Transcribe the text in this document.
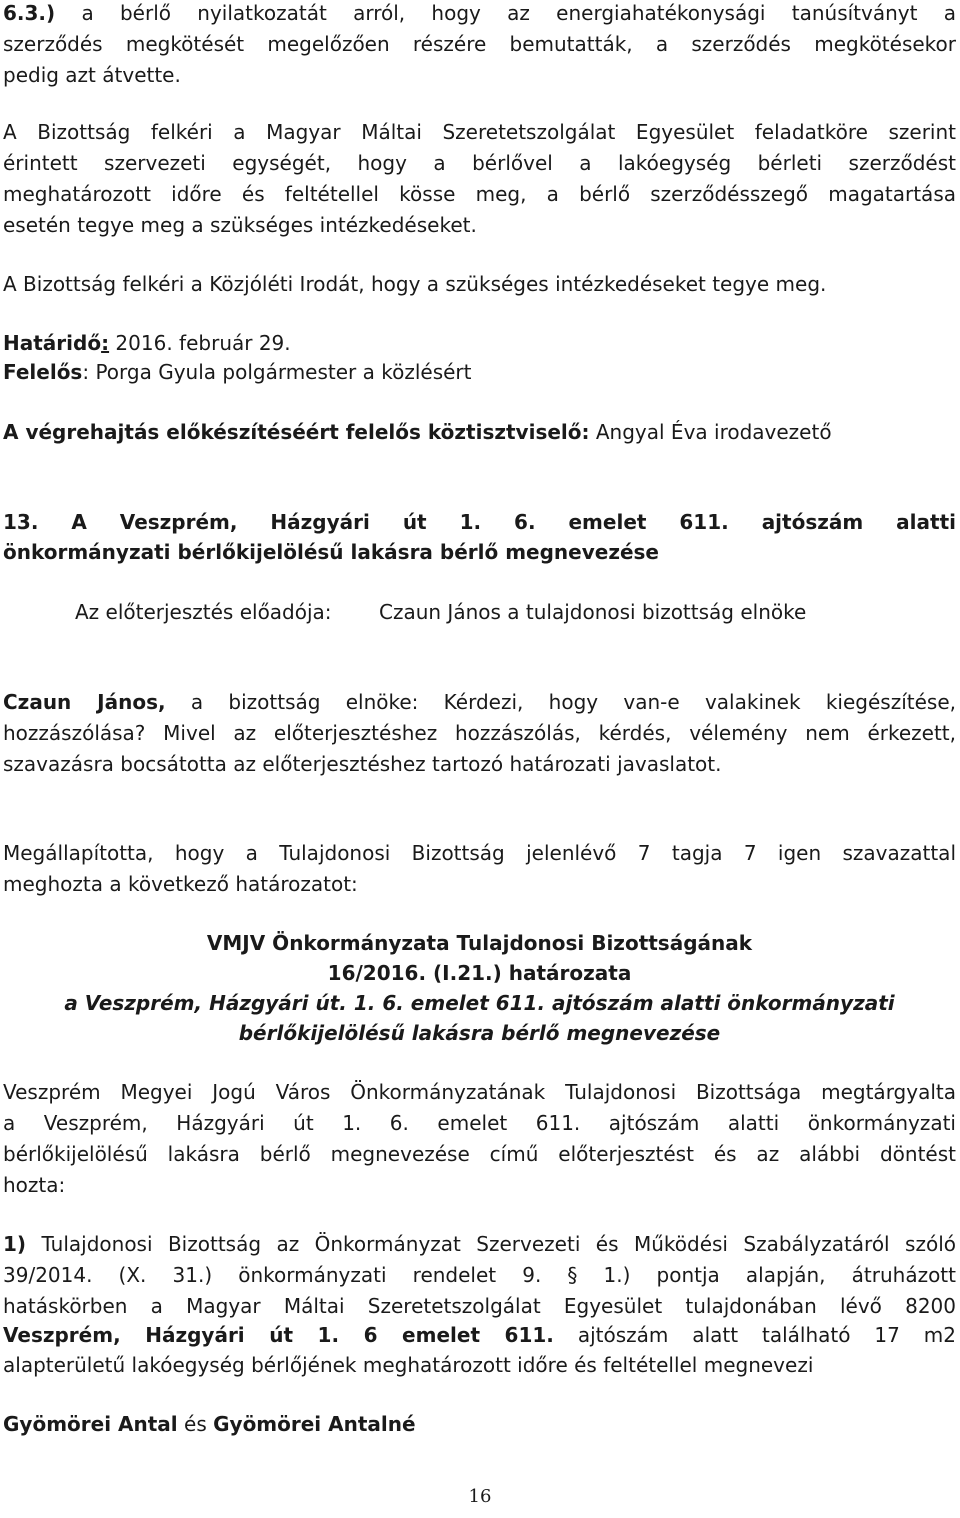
6.3.) a bérlő nyilatkozatát arról, hogy az energiahatékonysági tanúsítványt a

szerződés megkötését megelőzően részére bemutatták, a szerződés megkötésekor

pedig azt átvette.

A Bizottság felkéri a Magyar Máltai Szeretetszolgálat Egyesület feladatköre szerint

érintett szervezeti egységét, hogy a bérlővel a lakóegység bérleti szerződést

meghatározott időre és feltétellel kösse meg, a bérlő szerződésszegő magatartása

esetén tegye meg a szükséges intézkedéseket.

A Bizottság felkéri a Közjóléti Irodát, hogy a szükséges intézkedéseket tegye meg.

Határidő: 2016. február 29.

Felelős: Porga Gyula polgármester a közlésért

A végrehajtás előkészítéséért felelős köztisztviselő: Angyal Éva irodavezető

13. A Veszprém, Házgyári út 1. 6. emelet 611. ajtószám alatti

önkormányzati bérlőkijelölésű lakásra bérlő megnevezése

Az előterjesztés előadója:	Czaun János a tulajdonosi bizottság elnöke

Czaun János, a bizottság elnöke: Kérdezi, hogy van-e valakinek kiegészítése,

hozzászólása? Mivel az előterjesztéshez hozzászólás, kérdés, vélemény nem érkezett,

szavazásra bocsátotta az előterjesztéshez tartozó határozati javaslatot.

Megállapította, hogy a Tulajdonosi Bizottság jelenlévő 7 tagja 7 igen szavazattal

meghozta a következő határozatot:

VMJV Önkormányzata Tulajdonosi Bizottságának

16/2016. (I.21.) határozata

a Veszprém, Házgyári út. 1. 6. emelet 611. ajtószám alatti önkormányzati

bérlőkijelölésű lakásra bérlő megnevezése

Veszprém Megyei Jogú Város Önkormányzatának Tulajdonosi Bizottsága megtárgyalta

a Veszprém, Házgyári út 1. 6. emelet 611. ajtószám alatti önkormányzati

bérlőkijelölésű lakásra bérlő megnevezése című előterjesztést és az alábbi döntést

hozta:

1) Tulajdonosi Bizottság az Önkormányzat Szervezeti és Működési Szabályzatáról szóló

39/2014. (X. 31.) önkormányzati rendelet 9. § 1.) pontja alapján, átruházott

hatáskörben a Magyar Máltai Szeretetszolgálat Egyesület tulajdonában lévő 8200

Veszprém, Házgyári út 1. 6 emelet 611. ajtószám alatt található 17 m2

alapterületű lakóegység bérlőjének meghatározott időre és feltétellel megnevezi

Gyömörei Antal és Gyömörei Antalné

16
